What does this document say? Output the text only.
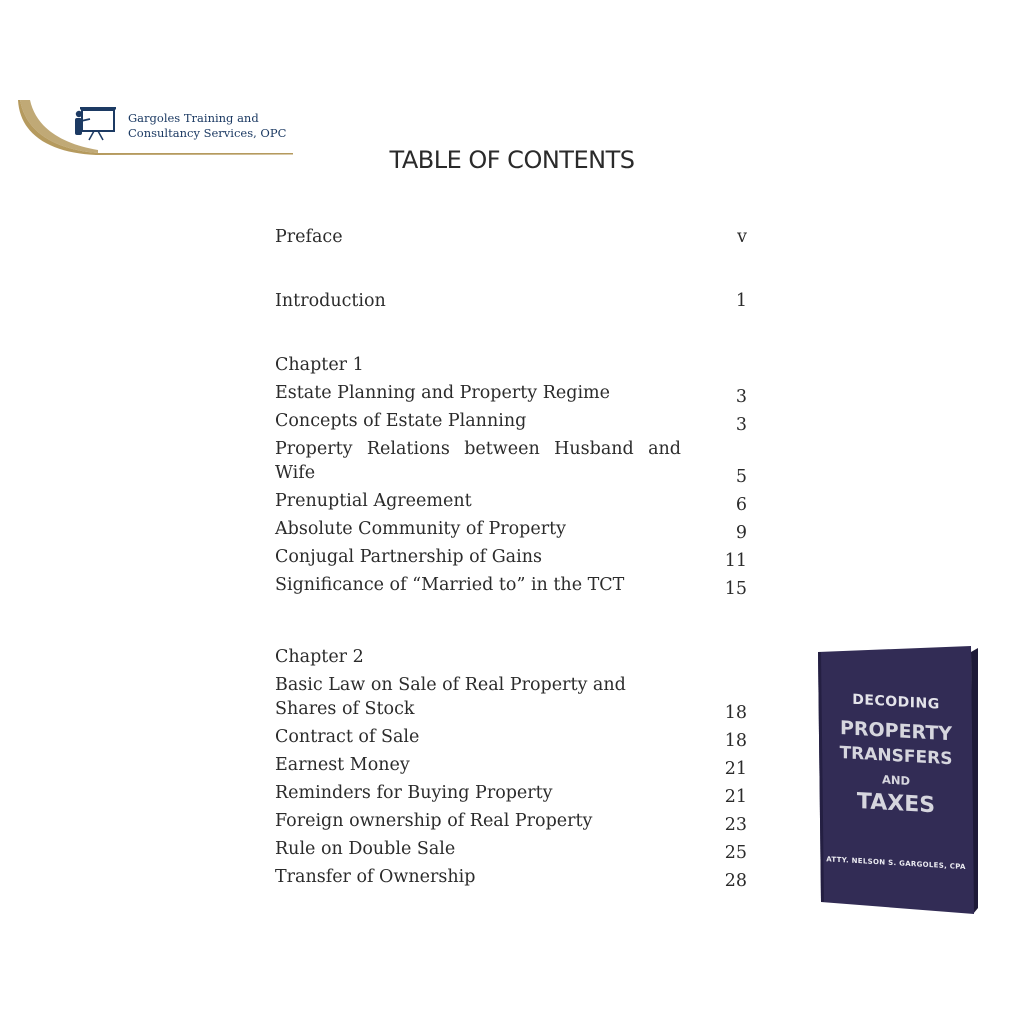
Gargoles Training and
Consultancy Services, OPC
TABLE OF CONTENTS
Preface	v
Introduction	1
Chapter 1
Estate Planning and Property Regime	3
Concepts of Estate Planning	3
Property Relations between Husband and Wife	5
Prenuptial Agreement	6
Absolute Community of Property	9
Conjugal Partnership of Gains	11
Significance of “Married to” in the TCT	15
Chapter 2
Basic Law on Sale of Real Property and Shares of Stock	18
Contract of Sale	18
Earnest Money	21
Reminders for Buying Property	21
Foreign ownership of Real Property	23
Rule on Double Sale	25
Transfer of Ownership	28
DECODING
PROPERTY
TRANSFERS
AND
TAXES
ATTY. NELSON S. GARGOLES, CPA
